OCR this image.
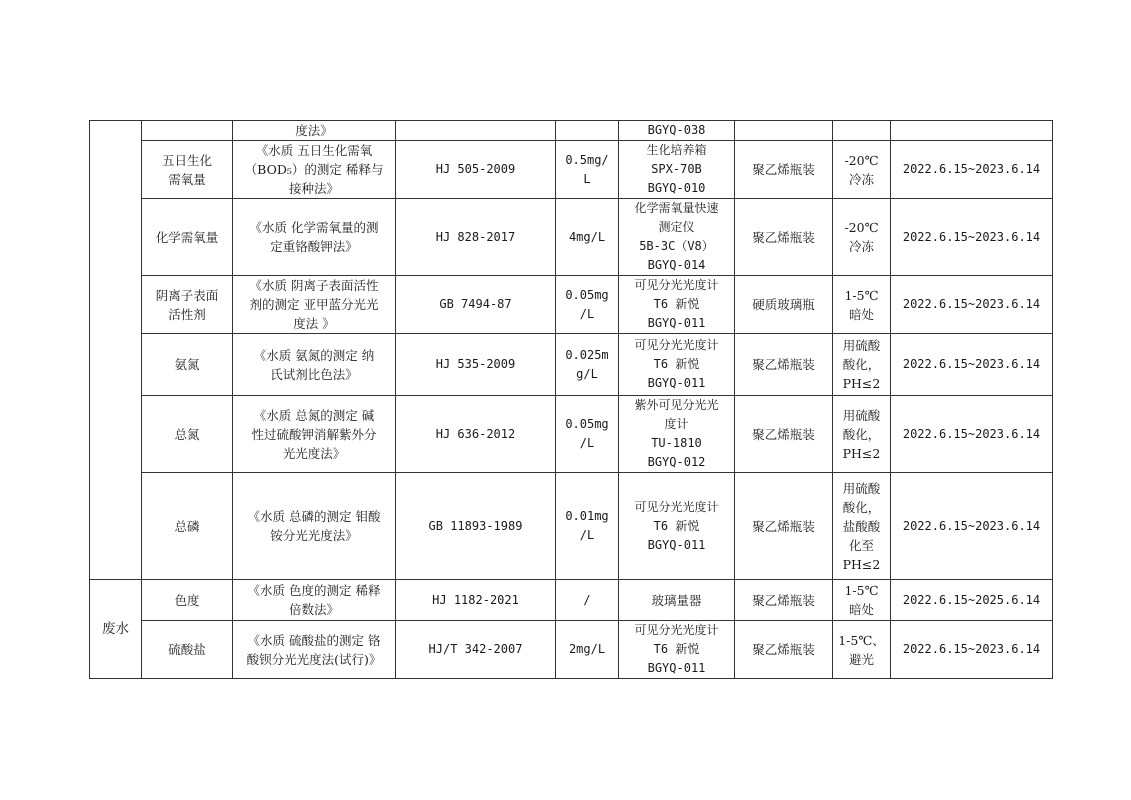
		度法》			BGYQ-038			

	五日生化
需氧量	《水质 五日生化需氧
（BOD₅）的测定 稀释与
接种法》	HJ 505-2009	0.5mg/
L	生化培养箱
SPX-70B
BGYQ-010	聚乙烯瓶装	-20℃
冷冻	2022.6.15~2023.6.14
	化学需氧量	《水质 化学需氧量的测
定重铬酸钾法》	HJ 828-2017	4mg/L	化学需氧量快速
测定仪
5B-3C（V8）
BGYQ-014	聚乙烯瓶装	-20℃
冷冻	2022.6.15~2023.6.14

	阴离子表面
活性剂	《水质 阴离子表面活性
剂的测定 亚甲蓝分光光
度法 》	GB 7494-87	0.05mg
/L	可见分光光度计
T6 新悦
BGYQ-011	硬质玻璃瓶	1-5℃
暗处	2022.6.15~2023.6.14
	氨氮	《水质 氨氮的测定 纳
氏试剂比色法》	HJ 535-2009	0.025m
g/L	可见分光光度计
T6 新悦
BGYQ-011	聚乙烯瓶装	用硫酸
酸化，
PH≤2	2022.6.15~2023.6.14
	总氮	《水质 总氮的测定 碱
性过硫酸钾消解紫外分
光光度法》	HJ 636-2012	0.05mg
/L	紫外可见分光光
度计
TU-1810
BGYQ-012	聚乙烯瓶装	用硫酸
酸化，
PH≤2	2022.6.15~2023.6.14
	总磷	《水质 总磷的测定 钼酸
铵分光光度法》	GB 11893-1989	0.01mg
/L	可见分光光度计
T6 新悦
BGYQ-011	聚乙烯瓶装	用硫酸
酸化，
盐酸酸
化至
PH≤2	2022.6.15~2023.6.14
废水	色度	《水质 色度的测定 稀释
倍数法》	HJ 1182-2021	/	玻璃量器	聚乙烯瓶装	1-5℃
暗处	2022.6.15~2025.6.14
	硫酸盐	《水质 硫酸盐的测定 铬
酸钡分光光度法(试行)》	HJ/T 342-2007	2mg/L	可见分光光度计
T6 新悦
BGYQ-011	聚乙烯瓶装	1-5℃、
避光	2022.6.15~2023.6.14
